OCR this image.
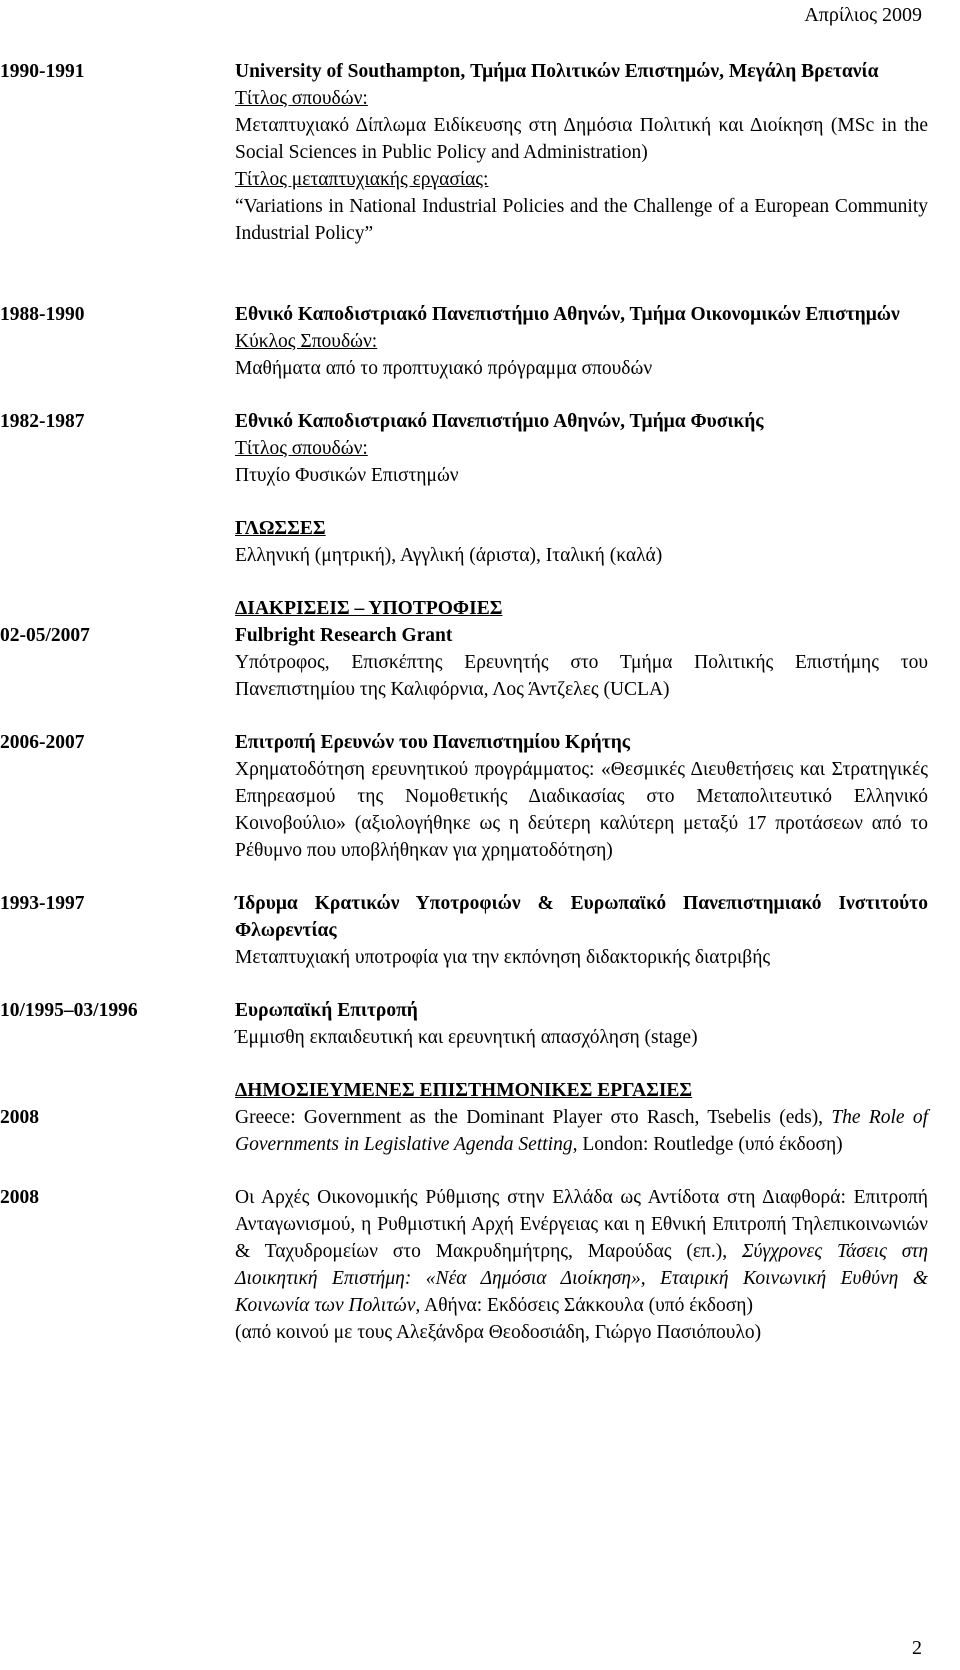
Απρίλιος 2009
1990-1991	University of Southampton, Τμήμα Πολιτικών Επιστημών, Μεγάλη Βρετανία
Τίτλος σπουδών:
Μεταπτυχιακό Δίπλωμα Ειδίκευσης στη Δημόσια Πολιτική και Διοίκηση (MSc in the Social Sciences in Public Policy and Administration)
Τίτλος μεταπτυχιακής εργασίας:
“Variations in National Industrial Policies and the Challenge of a European Community Industrial Policy”
1988-1990	Εθνικό Καποδιστριακό Πανεπιστήμιο Αθηνών, Τμήμα Οικονομικών Επιστημών
Κύκλος Σπουδών:
Μαθήματα από το προπτυχιακό πρόγραμμα σπουδών
1982-1987	Εθνικό Καποδιστριακό Πανεπιστήμιο Αθηνών, Τμήμα Φυσικής
Τίτλος σπουδών:
Πτυχίο Φυσικών Επιστημών
ΓΛΩΣΣΕΣ
Ελληνική (μητρική), Αγγλική (άριστα), Ιταλική (καλά)
ΔΙΑΚΡΙΣΕΙΣ – ΥΠΟΤΡΟΦΙΕΣ
02-05/2007	Fulbright Research Grant
Υπότροφος, Επισκέπτης Ερευνητής στο Τμήμα Πολιτικής Επιστήμης του Πανεπιστημίου της Καλιφόρνια, Λος Άντζελες (UCLA)
2006-2007	Επιτροπή Ερευνών του Πανεπιστημίου Κρήτης
Χρηματοδότηση ερευνητικού προγράμματος: «Θεσμικές Διευθετήσεις και Στρατηγικές Επηρεασμού της Νομοθετικής Διαδικασίας στο Μεταπολιτευτικό Ελληνικό Κοινοβούλιο» (αξιολογήθηκε ως η δεύτερη καλύτερη μεταξύ 17 προτάσεων από το Ρέθυμνο που υποβλήθηκαν για χρηματοδότηση)
1993-1997	Ίδρυμα Κρατικών Υποτροφιών & Ευρωπαϊκό Πανεπιστημιακό Ινστιτούτο Φλωρεντίας
Μεταπτυχιακή υποτροφία για την εκπόνηση διδακτορικής διατριβής
10/1995–03/1996	Ευρωπαϊκή Επιτροπή
Έμμισθη εκπαιδευτική και ερευνητική απασχόληση (stage)
ΔΗΜΟΣΙΕΥΜΕΝΕΣ ΕΠΙΣΤΗΜΟΝΙΚΕΣ ΕΡΓΑΣΙΕΣ
2008	Greece: Government as the Dominant Player στο Rasch, Tsebelis (eds), The Role of Governments in Legislative Agenda Setting, London: Routledge (υπό έκδοση)
2008	Οι Αρχές Οικονομικής Ρύθμισης στην Ελλάδα ως Αντίδοτα στη Διαφθορά: Επιτροπή Ανταγωνισμού, η Ρυθμιστική Αρχή Ενέργειας και η Εθνική Επιτροπή Τηλεπικοινωνιών & Ταχυδρομείων στο Μακρυδημήτρης, Μαρούδας (επ.), Σύγχρονες Τάσεις στη Διοικητική Επιστήμη: «Νέα Δημόσια Διοίκηση», Εταιρική Κοινωνική Ευθύνη & Κοινωνία των Πολιτών, Αθήνα: Εκδόσεις Σάκκουλα (υπό έκδοση)
(από κοινού με τους Αλεξάνδρα Θεοδοσιάδη, Γιώργο Πασιόπουλο)
2
